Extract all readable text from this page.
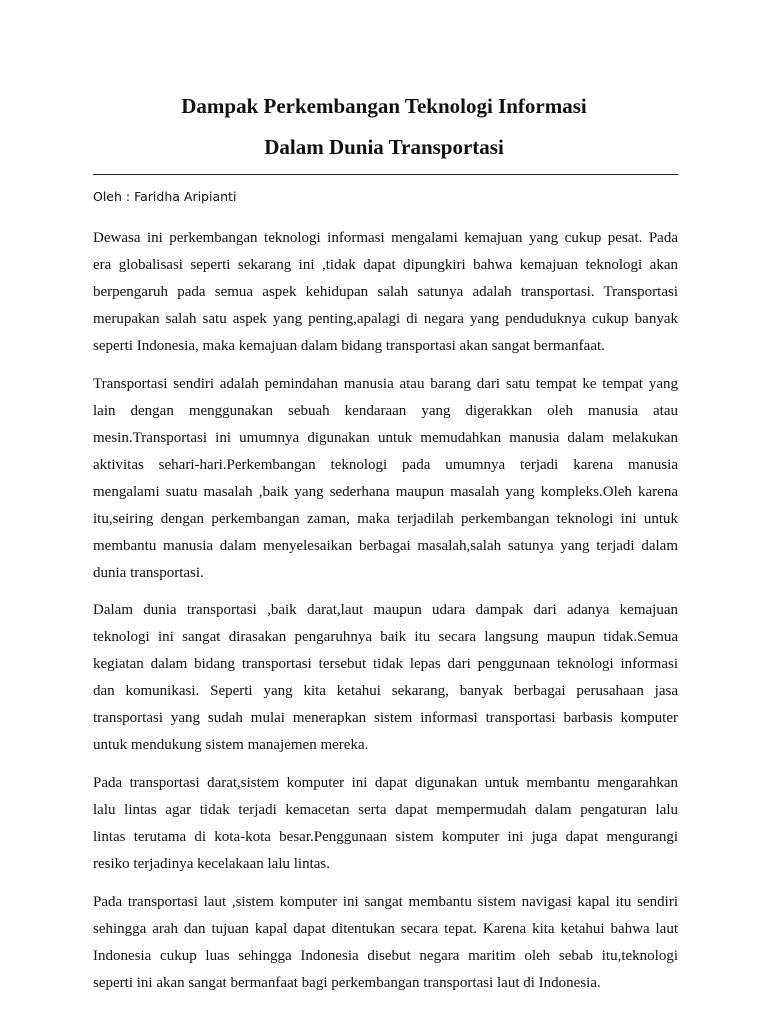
Dampak Perkembangan Teknologi Informasi
Dalam Dunia Transportasi
Oleh : Faridha Aripianti
Dewasa ini perkembangan teknologi informasi mengalami kemajuan yang cukup pesat. Pada
era globalisasi seperti sekarang ini ,tidak dapat dipungkiri bahwa kemajuan teknologi akan
berpengaruh pada semua aspek kehidupan salah satunya adalah transportasi. Transportasi
merupakan salah satu aspek yang penting,apalagi di negara yang penduduknya cukup banyak
seperti Indonesia, maka kemajuan dalam bidang transportasi akan sangat bermanfaat.
Transportasi sendiri adalah pemindahan manusia atau barang dari satu tempat ke tempat yang
lain dengan menggunakan sebuah kendaraan yang digerakkan oleh manusia atau
mesin.Transportasi ini umumnya digunakan untuk memudahkan manusia dalam melakukan
aktivitas sehari-hari.Perkembangan teknologi pada umumnya terjadi karena manusia
mengalami suatu masalah ,baik yang sederhana maupun masalah yang kompleks.Oleh karena
itu,seiring dengan perkembangan zaman, maka terjadilah perkembangan teknologi ini untuk
membantu manusia dalam menyelesaikan berbagai masalah,salah satunya yang terjadi dalam
dunia transportasi.
Dalam dunia transportasi ,baik darat,laut maupun udara dampak dari adanya kemajuan
teknologi ini sangat dirasakan pengaruhnya baik itu secara langsung maupun tidak.Semua
kegiatan dalam bidang transportasi tersebut tidak lepas dari penggunaan teknologi informasi
dan komunikasi. Seperti yang kita ketahui sekarang, banyak berbagai perusahaan jasa
transportasi yang sudah mulai menerapkan sistem informasi transportasi barbasis komputer
untuk mendukung sistem manajemen mereka.
Pada transportasi darat,sistem komputer ini dapat digunakan untuk membantu mengarahkan
lalu lintas agar tidak terjadi kemacetan serta dapat mempermudah dalam pengaturan lalu
lintas terutama di kota-kota besar.Penggunaan sistem komputer ini juga dapat mengurangi
resiko terjadinya kecelakaan lalu lintas.
Pada transportasi laut ,sistem komputer ini sangat membantu sistem navigasi kapal itu sendiri
sehingga arah dan tujuan kapal dapat ditentukan secara tepat. Karena kita ketahui bahwa laut
Indonesia cukup luas sehingga Indonesia disebut negara maritim oleh sebab itu,teknologi
seperti ini akan sangat bermanfaat bagi perkembangan transportasi laut di Indonesia.
